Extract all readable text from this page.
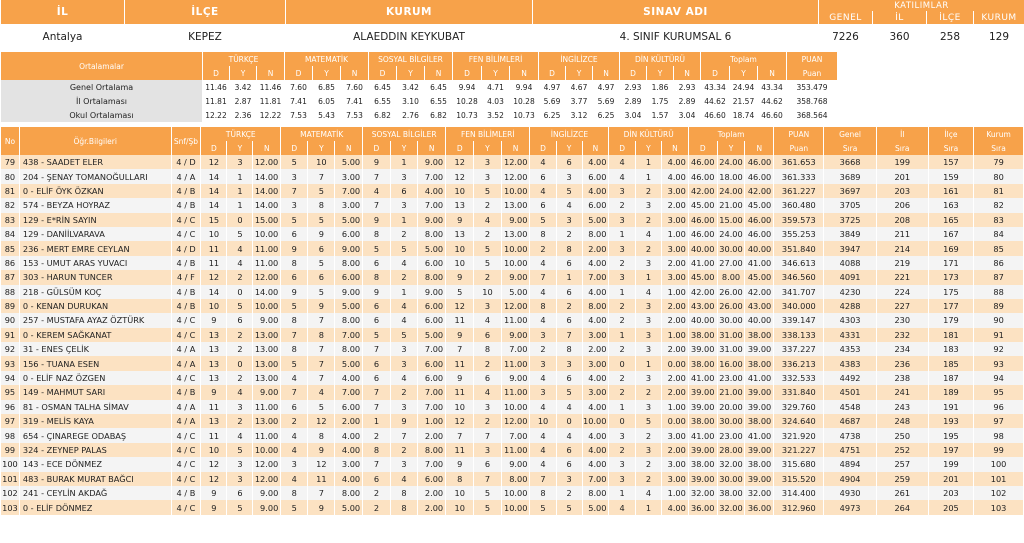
İL	İLÇE	KURUM	SINAV ADI	KATILIMLAR			
				GENEL	İL	İLÇE	KURUM
Antalya	KEPEZ	ALAEDDIN KEYKUBAT	4. SINIF KURUMSAL 6	7226	360	258	129
Ortalamalar	TÜRKÇE			MATEMATİK			SOSYAL BİLGİLER			FEN BİLİMLERİ			İNGİLİZCE			DİN KÜLTÜRÜ			Toplam			PUAN
	D	Y	N	D	Y	N	D	Y	N	D	Y	N	D	Y	N	D	Y	N	D	Y	N	Puan
Genel Ortalama	11.46	3.42	11.46	7.60	6.85	7.60	6.45	3.42	6.45	9.94	4.71	9.94	4.97	4.67	4.97	2.93	1.86	2.93	43.34	24.94	43.34	353.479
İl Ortalaması	11.81	2.87	11.81	7.41	6.05	7.41	6.55	3.10	6.55	10.28	4.03	10.28	5.69	3.77	5.69	2.89	1.75	2.89	44.62	21.57	44.62	358.768
Okul Ortalaması	12.22	2.36	12.22	7.53	5.43	7.53	6.82	2.76	6.82	10.73	3.52	10.73	6.25	3.12	6.25	3.04	1.57	3.04	46.60	18.74	46.60	368.564
No	Öğr.Bilgileri	Snf/Şb	TÜRKÇE			MATEMATİK			SOSYAL BİLGİLER			FEN BİLİMLERİ			İNGİLİZCE			DİN KÜLTÜRÜ			Toplam			PUAN	Genel	İl	İlçe	Kurum
			D	Y	N	D	Y	N	D	Y	N	D	Y	N	D	Y	N	D	Y	N	D	Y	N	Puan	Sıra	Sıra	Sıra	Sıra
79	438 - SAADET ELER	4 / D	12	3	12.00	5	10	5.00	9	1	9.00	12	3	12.00	4	6	4.00	4	1	4.00	46.00	24.00	46.00	361.653	3668	199	157	79
80	204 - ŞENAY TOMANOĞULLARI	4 / A	14	1	14.00	3	7	3.00	7	3	7.00	12	3	12.00	6	3	6.00	4	1	4.00	46.00	18.00	46.00	361.333	3689	201	159	80
81	0 - ELİF ÖYK ÖZKAN	4 / B	14	1	14.00	7	5	7.00	4	6	4.00	10	5	10.00	4	5	4.00	3	2	3.00	42.00	24.00	42.00	361.227	3697	203	161	81
82	574 - BEYZA HOYRAZ	4 / B	14	1	14.00	3	8	3.00	7	3	7.00	13	2	13.00	6	4	6.00	2	3	2.00	45.00	21.00	45.00	360.480	3705	206	163	82
83	129 - E*RİN SAYIN	4 / C	15	0	15.00	5	5	5.00	9	1	9.00	9	4	9.00	5	3	5.00	3	2	3.00	46.00	15.00	46.00	359.573	3725	208	165	83
84	129 - DANİİLVARAVA	4 / C	10	5	10.00	6	9	6.00	8	2	8.00	13	2	13.00	8	2	8.00	1	4	1.00	46.00	24.00	46.00	355.253	3849	211	167	84
85	236 - MERT EMRE CEYLAN	4 / D	11	4	11.00	9	6	9.00	5	5	5.00	10	5	10.00	2	8	2.00	3	2	3.00	40.00	30.00	40.00	351.840	3947	214	169	85
86	153 - UMUT ARAS YUVACI	4 / B	11	4	11.00	8	5	8.00	6	4	6.00	10	5	10.00	4	6	4.00	2	3	2.00	41.00	27.00	41.00	346.613	4088	219	171	86
87	303 - HARUN TUNCER	4 / F	12	2	12.00	6	6	6.00	8	2	8.00	9	2	9.00	7	1	7.00	3	1	3.00	45.00	8.00	45.00	346.560	4091	221	173	87
88	218 - GÜLSÜM KOÇ	4 / B	14	0	14.00	9	5	9.00	9	1	9.00	5	10	5.00	4	6	4.00	1	4	1.00	42.00	26.00	42.00	341.707	4230	224	175	88
89	0 - KENAN DURUKAN	4 / B	10	5	10.00	5	9	5.00	6	4	6.00	12	3	12.00	8	2	8.00	2	3	2.00	43.00	26.00	43.00	340.000	4288	227	177	89
90	257 - MUSTAFA AYAZ ÖZTÜRK	4 / C	9	6	9.00	8	7	8.00	6	4	6.00	11	4	11.00	4	6	4.00	2	3	2.00	40.00	30.00	40.00	339.147	4303	230	179	90
91	0 - KEREM SAĞKANAT	4 / C	13	2	13.00	7	8	7.00	5	5	5.00	9	6	9.00	3	7	3.00	1	3	1.00	38.00	31.00	38.00	338.133	4331	232	181	91
92	31 - ENES ÇELİK	4 / A	13	2	13.00	8	7	8.00	7	3	7.00	7	8	7.00	2	8	2.00	2	3	2.00	39.00	31.00	39.00	337.227	4353	234	183	92
93	156 - TUANA ESEN	4 / A	13	0	13.00	5	7	5.00	6	3	6.00	11	2	11.00	3	3	3.00	0	1	0.00	38.00	16.00	38.00	336.213	4383	236	185	93
94	0 - ELİF NAZ ÖZGEN	4 / C	13	2	13.00	4	7	4.00	6	4	6.00	9	6	9.00	4	6	4.00	2	3	2.00	41.00	23.00	41.00	332.533	4492	238	187	94
95	149 - MAHMUT SARI	4 / B	9	4	9.00	7	4	7.00	7	2	7.00	11	4	11.00	3	5	3.00	2	2	2.00	39.00	21.00	39.00	331.840	4501	241	189	95
96	81 - OSMAN TALHA SİMAV	4 / A	11	3	11.00	6	5	6.00	7	3	7.00	10	3	10.00	4	4	4.00	1	3	1.00	39.00	20.00	39.00	329.760	4548	243	191	96
97	319 - MELİS KAYA	4 / A	13	2	13.00	2	12	2.00	1	9	1.00	12	2	12.00	10	0	10.00	0	5	0.00	38.00	30.00	38.00	324.640	4687	248	193	97
98	654 - ÇINAREGE ODABAŞ	4 / C	11	4	11.00	4	8	4.00	2	7	2.00	7	7	7.00	4	4	4.00	3	2	3.00	41.00	23.00	41.00	321.920	4738	250	195	98
99	324 - ZEYNEP PALAS	4 / C	10	5	10.00	4	9	4.00	8	2	8.00	11	3	11.00	4	6	4.00	2	3	2.00	39.00	28.00	39.00	321.227	4751	252	197	99
100	143 - ECE DÖNMEZ	4 / C	12	3	12.00	3	12	3.00	7	3	7.00	9	6	9.00	4	6	4.00	3	2	3.00	38.00	32.00	38.00	315.680	4894	257	199	100
101	483 - BURAK MURAT BAĞCI	4 / C	12	3	12.00	4	11	4.00	6	4	6.00	8	7	8.00	7	3	7.00	3	2	3.00	39.00	30.00	39.00	315.520	4904	259	201	101
102	241 - CEYLİN AKDAĞ	4 / B	9	6	9.00	8	7	8.00	2	8	2.00	10	5	10.00	8	2	8.00	1	4	1.00	32.00	38.00	32.00	314.400	4930	261	203	102
103	0 - ELİF DÖNMEZ	4 / C	9	5	9.00	5	9	5.00	2	8	2.00	10	5	10.00	5	5	5.00	4	1	4.00	36.00	32.00	36.00	312.960	4973	264	205	103
